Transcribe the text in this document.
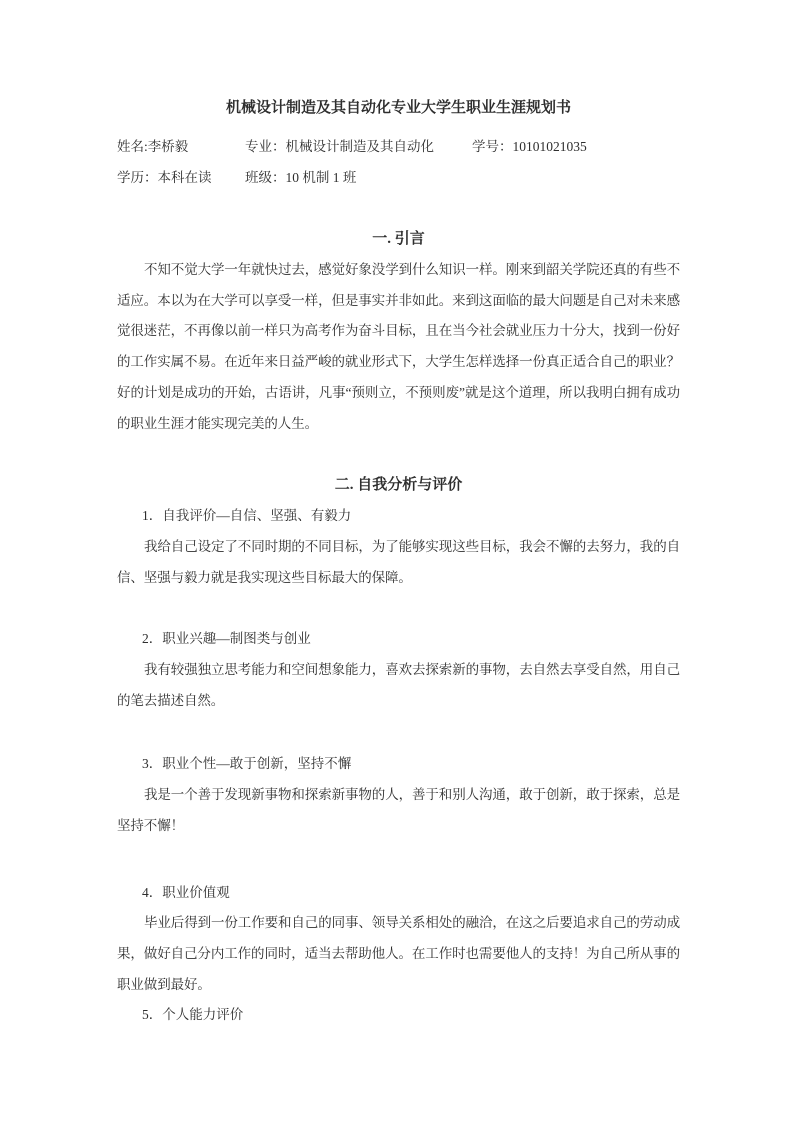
机械设计制造及其自动化专业大学生职业生涯规划书
姓名:李桥毅	专业：机械设计制造及其自动化	学号：10101021035
学历：本科在读 班级：10 机制 1 班
一. 引言

不知不觉大学一年就快过去，感觉好象没学到什么知识一样。刚来到韶关学院还真的有些不适应。本以为在大学可以享受一样，但是事实并非如此。来到这面临的最大问题是自己对未来感觉很迷茫，不再像以前一样只为高考作为奋斗目标，且在当今社会就业压力十分大，找到一份好的工作实属不易。在近年来日益严峻的就业形式下，大学生怎样选择一份真正适合自己的职业？好的计划是成功的开始，古语讲，凡事“预则立，不预则废”就是这个道理，所以我明白拥有成功的职业生涯才能实现完美的人生。

二. 自我分析与评价

1．自我评价—自信、坚强、有毅力

我给自己设定了不同时期的不同目标，为了能够实现这些目标，我会不懈的去努力，我的自信、坚强与毅力就是我实现这些目标最大的保障。

2．职业兴趣—制图类与创业

我有较强独立思考能力和空间想象能力，喜欢去探索新的事物，去自然去享受自然，用自己的笔去描述自然。

3．职业个性—敢于创新，坚持不懈

我是一个善于发现新事物和探索新事物的人，善于和别人沟通，敢于创新，敢于探索，总是坚持不懈！

4．职业价值观

毕业后得到一份工作要和自己的同事、领导关系相处的融洽，在这之后要追求自己的劳动成果，做好自己分内工作的同时，适当去帮助他人。在工作时也需要他人的支持！为自己所从事的职业做到最好。

5．个人能力评价
